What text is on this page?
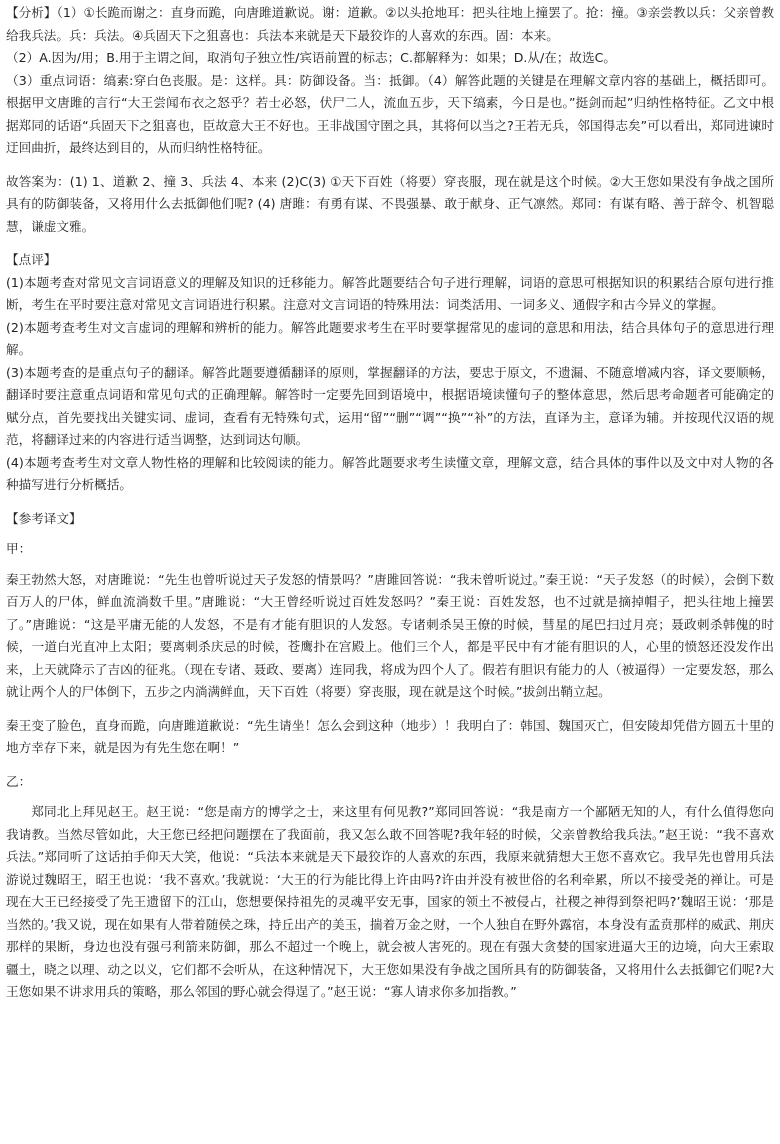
【分析】（1）①长跪而谢之：直身而跪，向唐雎道歉说。谢：道歉。②以头抢地耳：把头往地上撞罢了。抢：撞。③亲尝教以兵：父亲曾教给我兵法。兵：兵法。④兵固天下之狙喜也：兵法本来就是天下最狡诈的人喜欢的东西。固：本来。

（2）A.因为/用；B.用于主谓之间，取消句子独立性/宾语前置的标志；C.都解释为：如果；D.从/在；故选C。

（3）重点词语：缟素:穿白色丧服。是：这样。具：防御设备。当：抵御。（4）解答此题的关键是在理解文章内容的基础上，概括即可。根据甲文唐雎的言行“大王尝闻布衣之怒乎？若士必怒，伏尸二人，流血五步，天下缟素，今日是也。”挺剑而起”归纳性格特征。乙文中根据郑同的话语“兵固天下之狙喜也，臣故意大王不好也。王非战国守圉之具，其将何以当之?王若无兵，邻国得志矣”可以看出，郑同进谏时迂回曲折，最终达到目的，从而归纳性格特征。

故答案为：(1) 1、道歉 2、撞 3、兵法 4、本来 (2)C(3) ①天下百姓（将要）穿丧服，现在就是这个时候。②大王您如果没有争战之国所具有的防御装备，又将用什么去抵御他们呢? (4) 唐雎：有勇有谋、不畏强暴、敢于献身、正气凛然。郑同：有谋有略、善于辞令、机智聪慧，谦虚文雅。

【点评】

(1)本题考查对常见文言词语意义的理解及知识的迁移能力。解答此题要结合句子进行理解，词语的意思可根据知识的积累结合原句进行推断，考生在平时要注意对常见文言词语进行积累。注意对文言词语的特殊用法：词类活用、一词多义、通假字和古今异义的掌握。

(2)本题考查考生对文言虚词的理解和辨析的能力。解答此题要求考生在平时要掌握常见的虚词的意思和用法，结合具体句子的意思进行理解。

(3)本题考查的是重点句子的翻译。解答此题要遵循翻译的原则，掌握翻译的方法，要忠于原文，不遗漏、不随意增减内容，译文要顺畅，翻译时要注意重点词语和常见句式的正确理解。解答时一定要先回到语境中，根据语境读懂句子的整体意思，然后思考命题者可能确定的赋分点，首先要找出关键实词、虚词，查看有无特殊句式，运用“留”“删”“调”“换”“补”的方法，直译为主，意译为辅。并按现代汉语的规范，将翻译过来的内容进行适当调整，达到词达句顺。

(4)本题考查考生对文章人物性格的理解和比较阅读的能力。解答此题要求考生读懂文章，理解文意，结合具体的事件以及文中对人物的各种描写进行分析概括。

【参考译文】

甲：

秦王勃然大怒，对唐雎说：“先生也曾听说过天子发怒的情景吗？”唐雎回答说：“我未曾听说过。”秦王说：“天子发怒（的时候），会倒下数百万人的尸体，鲜血流淌数千里。”唐雎说：“大王曾经听说过百姓发怒吗？”秦王说：百姓发怒，也不过就是摘掉帽子，把头往地上撞罢了。”唐雎说：“这是平庸无能的人发怒，不是有才能有胆识的人发怒。专诸刺杀吴王僚的时候，彗星的尾巴扫过月亮；聂政刺杀韩傀的时候，一道白光直冲上太阳；要离刺杀庆忌的时候，苍鹰扑在宫殿上。他们三个人，都是平民中有才能有胆识的人，心里的愤怒还没发作出来，上天就降示了吉凶的征兆。（现在专诸、聂政、要离）连同我，将成为四个人了。假若有胆识有能力的人（被逼得）一定要发怒，那么就让两个人的尸体倒下，五步之内淌满鲜血，天下百姓（将要）穿丧服，现在就是这个时候。”拔剑出鞘立起。

秦王变了脸色，直身而跪，向唐雎道歉说：“先生请坐！怎么会到这种（地步）！我明白了：韩国、魏国灭亡，但安陵却凭借方圆五十里的地方幸存下来，就是因为有先生您在啊！”

乙：

郑同北上拜见赵王。赵王说：“您是南方的博学之士，来这里有何见教?”郑同回答说：“我是南方一个鄙陋无知的人，有什么值得您向我请教。当然尽管如此，大王您已经把问题摆在了我面前，我又怎么敢不回答呢?我年轻的时候，父亲曾教给我兵法。”赵王说：“我不喜欢兵法。”郑同听了这话拍手仰天大笑，他说：“兵法本来就是天下最狡诈的人喜欢的东西，我原来就猜想大王您不喜欢它。我早先也曾用兵法游说过魏昭王，昭王也说：‘我不喜欢。’我就说：‘大王的行为能比得上许由吗?许由并没有被世俗的名利牵累，所以不接受尧的禅让。可是现在大王已经接受了先王遗留下的江山，您想要保持祖先的灵魂平安无事，国家的领土不被侵占，社稷之神得到祭祀吗?’魏昭王说：‘那是当然的。’我又说，现在如果有人带着随侯之珠，持丘出产的美玉，揣着万金之财，一个人独自在野外露宿，本身没有孟贲那样的威武、荆庆那样的果断，身边也没有强弓利箭来防御，那么不超过一个晚上，就会被人害死的。现在有强大贪婪的国家进逼大王的边境，向大王索取疆土，晓之以理、动之以义，它们都不会听从，在这种情况下，大王您如果没有争战之国所具有的防御装备，又将用什么去抵御它们呢?大王您如果不讲求用兵的策略，那么邻国的野心就会得逞了。”赵王说：“寡人请求你多加指教。”
